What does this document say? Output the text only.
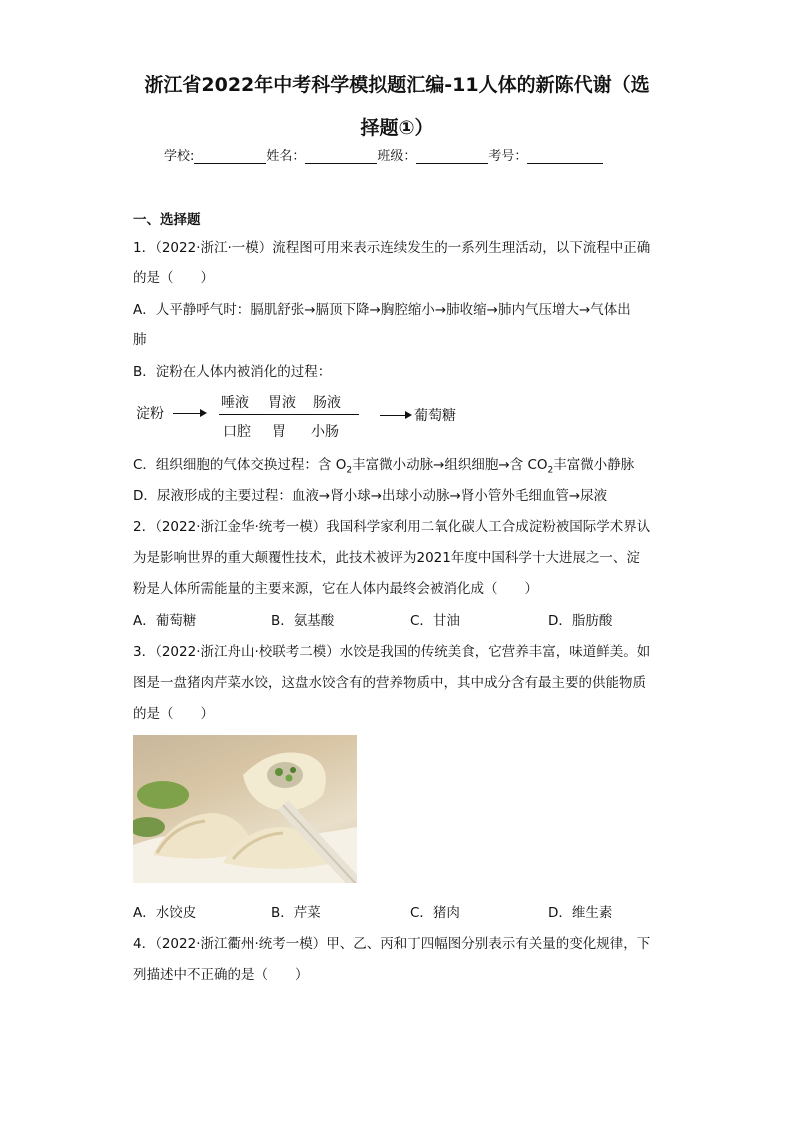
浙江省2022年中考科学模拟题汇编-11人体的新陈代谢（选
择题①）
学校:	姓名：	班级：	考号：
一、选择题
1．（2022·浙江·一模）流程图可用来表示连续发生的一系列生理活动，以下流程中正确
的是（　　）
A．人平静呼气时：膈肌舒张→膈顶下降→胸腔缩小→肺收缩→肺内气压增大→气体出
肺
B．淀粉在人体内被消化的过程：
淀粉
唾液 胃液 肠液
口腔 胃 小肠
葡萄糖
C．组织细胞的气体交换过程：含 $O_2$丰富微小动脉→组织细胞→含 $CO_2$丰富微小静脉
D．尿液形成的主要过程：血液→肾小球→出球小动脉→肾小管外毛细血管→尿液
2．（2022·浙江金华·统考一模）我国科学家利用二氧化碳人工合成淀粉被国际学术界认
为是影响世界的重大颠覆性技术，此技术被评为2021年度中国科学十大进展之一、淀
粉是人体所需能量的主要来源，它在人体内最终会被消化成（　　）
A．葡萄糖	B．氨基酸	C．甘油	D．脂肪酸
3．（2022·浙江舟山·校联考二模）水饺是我国的传统美食，它营养丰富，味道鲜美。如
图是一盘猪肉芹菜水饺，这盘水饺含有的营养物质中，其中成分含有最主要的供能物质
的是（　　）
A．水饺皮	B．芹菜	C．猪肉	D．维生素
4．（2022·浙江衢州·统考一模）甲、乙、丙和丁四幅图分别表示有关量的变化规律，下
列描述中不正确的是（　　）
